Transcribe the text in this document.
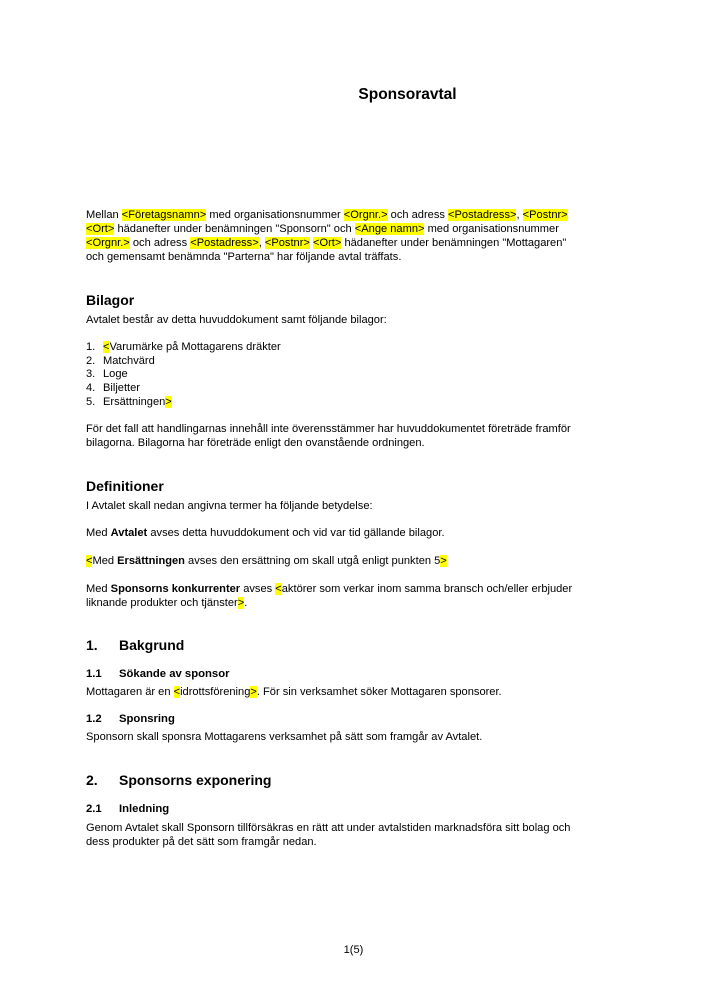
Sponsoravtal
Mellan <Företagsnamn> med organisationsnummer <Orgnr.> och adress <Postadress>, <Postnr>
<Ort> hädanefter under benämningen "Sponsorn" och <Ange namn> med organisationsnummer
<Orgnr.> och adress <Postadress>, <Postnr> <Ort> hädanefter under benämningen "Mottagaren"
och gemensamt benämnda "Parterna" har följande avtal träffats.
Bilagor
Avtalet består av detta huvuddokument samt följande bilagor:
1. <Varumärke på Mottagarens dräkter
2. Matchvärd
3. Loge
4. Biljetter
5. Ersättningen>
För det fall att handlingarnas innehåll inte överensstämmer har huvuddokumentet företräde framför
bilagorna. Bilagorna har företräde enligt den ovanstående ordningen.
Definitioner
I Avtalet skall nedan angivna termer ha följande betydelse:
Med Avtalet avses detta huvuddokument och vid var tid gällande bilagor.
<Med Ersättningen avses den ersättning om skall utgå enligt punkten 5>
Med Sponsorns konkurrenter avses <aktörer som verkar inom samma bransch och/eller erbjuder
liknande produkter och tjänster>.
1. Bakgrund
1.1 Sökande av sponsor
Mottagaren är en <idrottsförening>. För sin verksamhet söker Mottagaren sponsorer.
1.2 Sponsring
Sponsorn skall sponsra Mottagarens verksamhet på sätt som framgår av Avtalet.
2. Sponsorns exponering
2.1 Inledning
Genom Avtalet skall Sponsorn tillförsäkras en rätt att under avtalstiden marknadsföra sitt bolag och
dess produkter på det sätt som framgår nedan.
1(5)
